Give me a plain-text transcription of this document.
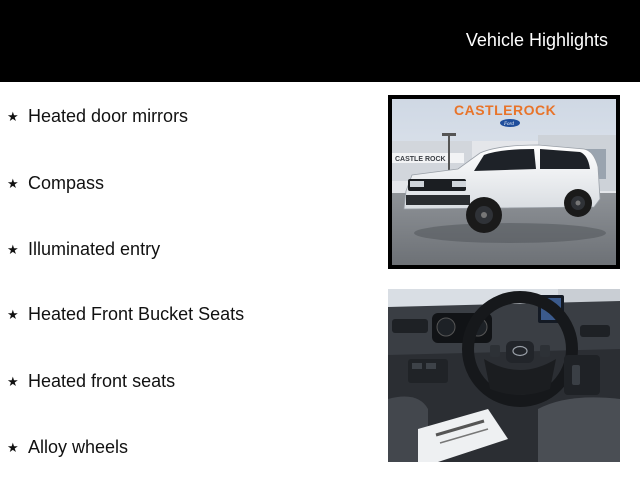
Vehicle Highlights
★ Heated door mirrors
★ Compass
★ Illuminated entry
★ Heated Front Bucket Seats
★ Heated front seats
★ Alloy wheels
CASTLE ROCK
CASTLEROCK
Ford
